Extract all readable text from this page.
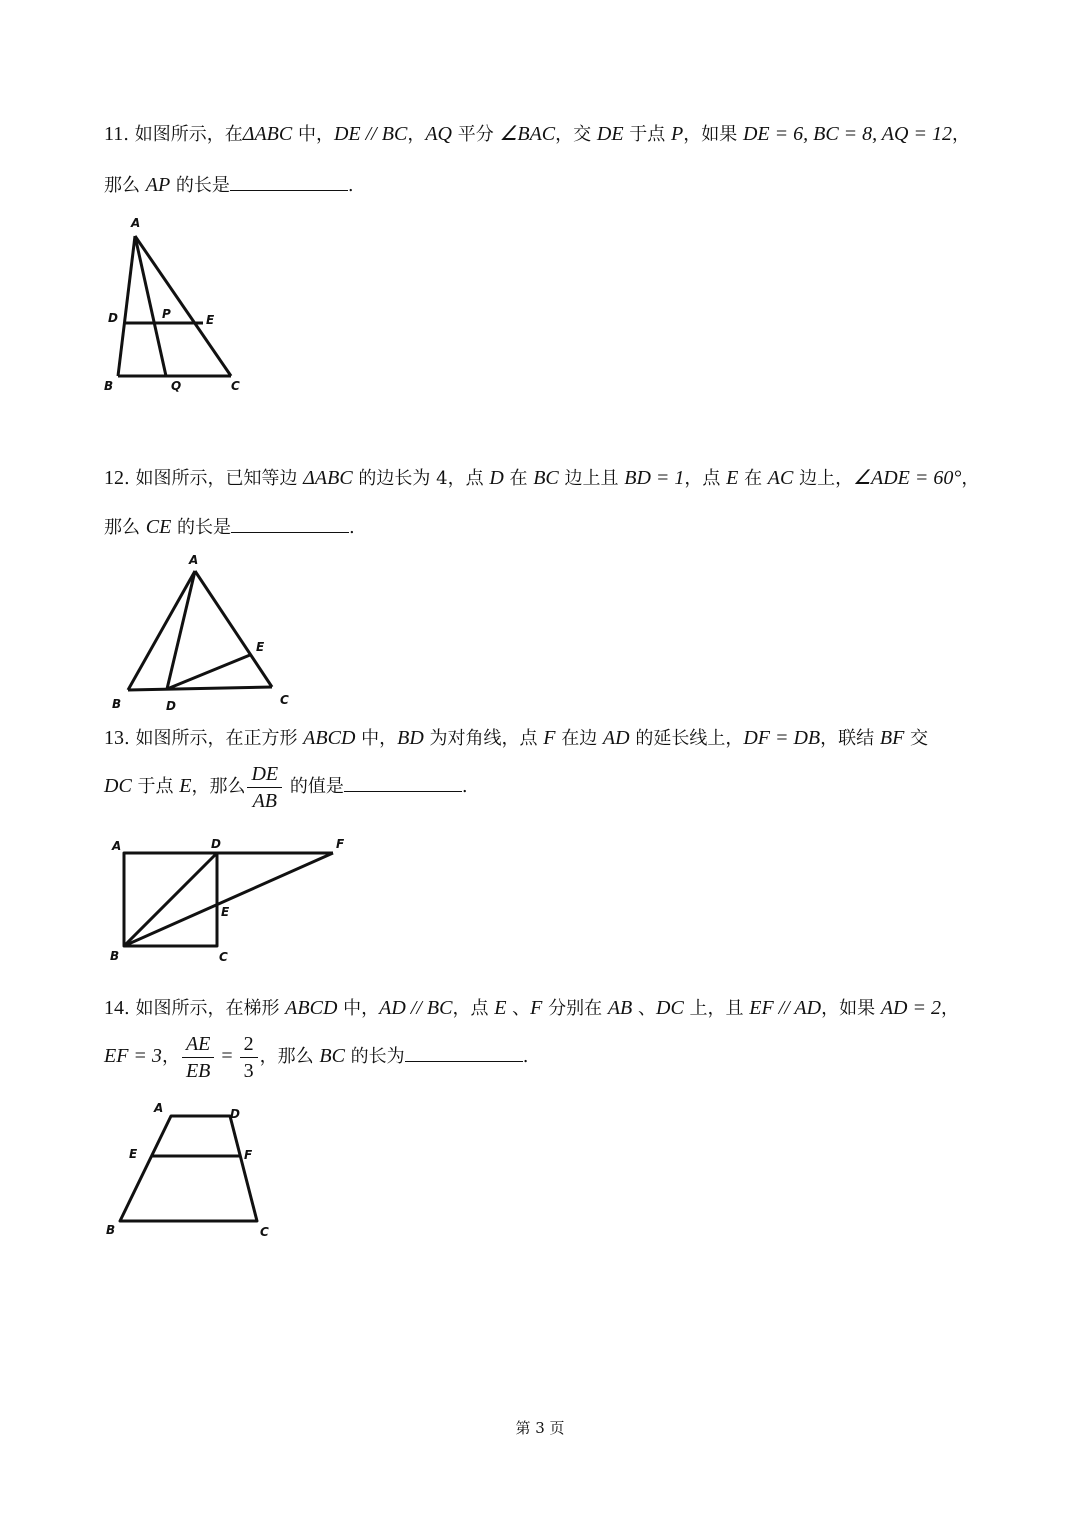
11. 如图所示，在ΔABC 中，DE // BC，AQ 平分 ∠BAC，交 DE 于点 P，如果 DE = 6, BC = 8, AQ = 12，
那么 AP 的长是	.
A
D	P	E
B	Q	C
12. 如图所示，已知等边 ΔABC 的边长为 4，点 D 在 BC 边上且 BD = 1，点 E 在 AC 边上，∠ADE = 60°，
那么 CE 的长是	.
A
E
B	D	C
13. 如图所示，在正方形 ABCD 中，BD 为对角线，点 F 在边 AD 的延长线上，DF = DB，联结 BF 交
DC 于点 E，那么 $\frac{DE}{AB}$ 的值是	.
A	D	F
E
B	C
14. 如图所示，在梯形 ABCD 中，AD // BC，点 E 、F 分别在 AB 、DC 上，且 EF // AD，如果 AD = 2，
EF = 3， $\frac{AE}{EB} = \frac{2}{3}$ ，那么 BC 的长为	.
A	D
E	F
B	C
第 3 页
